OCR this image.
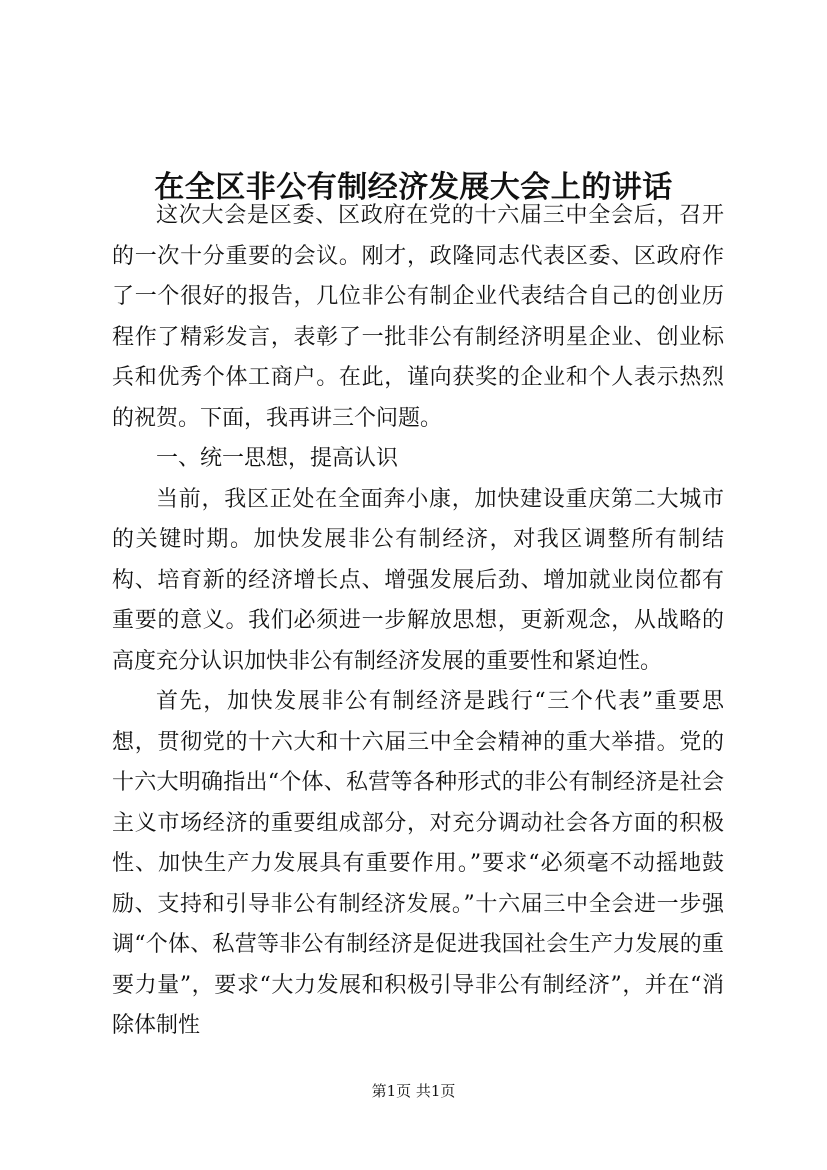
在全区非公有制经济发展大会上的讲话

这次大会是区委、区政府在党的十六届三中全会后，召开的一次十分重要的会议。刚才，政隆同志代表区委、区政府作了一个很好的报告，几位非公有制企业代表结合自己的创业历程作了精彩发言，表彰了一批非公有制经济明星企业、创业标兵和优秀个体工商户。在此，谨向获奖的企业和个人表示热烈的祝贺。下面，我再讲三个问题。

一、统一思想，提高认识

当前，我区正处在全面奔小康，加快建设重庆第二大城市的关键时期。加快发展非公有制经济，对我区调整所有制结构、培育新的经济增长点、增强发展后劲、增加就业岗位都有重要的意义。我们必须进一步解放思想，更新观念，从战略的高度充分认识加快非公有制经济发展的重要性和紧迫性。

首先，加快发展非公有制经济是践行“三个代表”重要思想，贯彻党的十六大和十六届三中全会精神的重大举措。党的十六大明确指出“个体、私营等各种形式的非公有制经济是社会主义市场经济的重要组成部分，对充分调动社会各方面的积极性、加快生产力发展具有重要作用。”要求“必须毫不动摇地鼓励、支持和引导非公有制经济发展。”十六届三中全会进一步强调“个体、私营等非公有制经济是促进我国社会生产力发展的重要力量”，要求“大力发展和积极引导非公有制经济”，并在“消除体制性

第1页 共1页
